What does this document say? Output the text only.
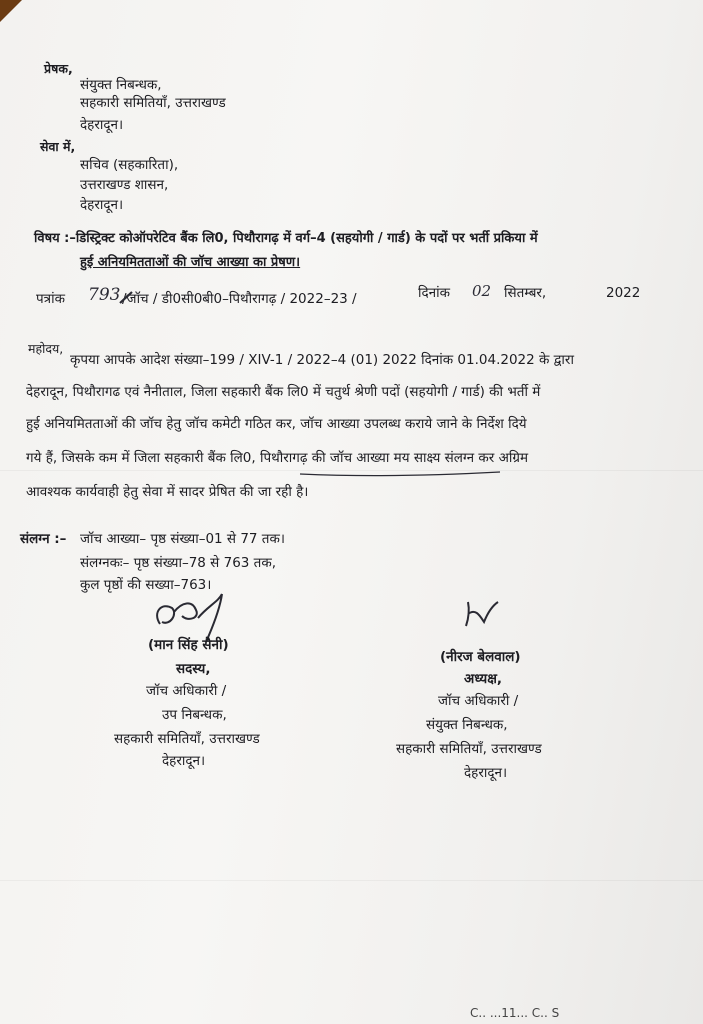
प्रेषक,
संयुक्त निबन्धक,
सहकारी समितियाँ, उत्तराखण्ड
देहरादून।
सेवा में,
सचिव (सहकारिता),
उत्तराखण्ड शासन,
देहरादून।
विषय :–डिस्ट्रिक्ट कोऑपरेटिव बैंक लि0, पिथौरागढ़ में वर्ग–4 (सहयोगी / गार्ड) के पदों पर भर्ती प्रकिया में
हुई अनियमितताओं की जॉच आख्या का प्रेषण।
पत्रांक 793 /जॉच / डी0सी0बी0–पिथौरागढ़ / 2022–23 /	दिनांक 02 सितम्बर,	2022
महोदय,
कृपया आपके आदेश संख्या–199 / XIV-1 / 2022–4 (01) 2022 दिनांक 01.04.2022 के द्वारा
देहरादून, पिथौरागढ एवं नैनीताल, जिला सहकारी बैंक लि0 में चतुर्थ श्रेणी पदों (सहयोगी / गार्ड) की भर्ती में
हुई अनियमितताओं की जॉच हेतु जॉच कमेटी गठित कर, जॉच आख्या उपलब्ध कराये जाने के निर्देश दिये
गये हैं, जिसके कम में जिला सहकारी बैंक लि0, पिथौरागढ़ की जॉच आख्या मय साक्ष्य संलग्न कर अग्रिम
आवश्यक कार्यवाही हेतु सेवा में सादर प्रेषित की जा रही है।
संलग्न :– जॉच आख्या– पृष्ठ संख्या–01 से 77 तक।
संलग्नकः– पृष्ठ संख्या–78 से 763 तक,
कुल पृष्ठों की सख्या–763।
(मान सिंह सैनी)
सदस्य,
जॉच अधिकारी /
उप निबन्धक,
सहकारी समितियाँ, उत्तराखण्ड
देहरादून।
(नीरज बेलवाल)
अध्यक्ष,
जॉच अधिकारी /
संयुक्त निबन्धक,
सहकारी समितियाँ, उत्तराखण्ड
देहरादून।
C.. ...11... C.. S
